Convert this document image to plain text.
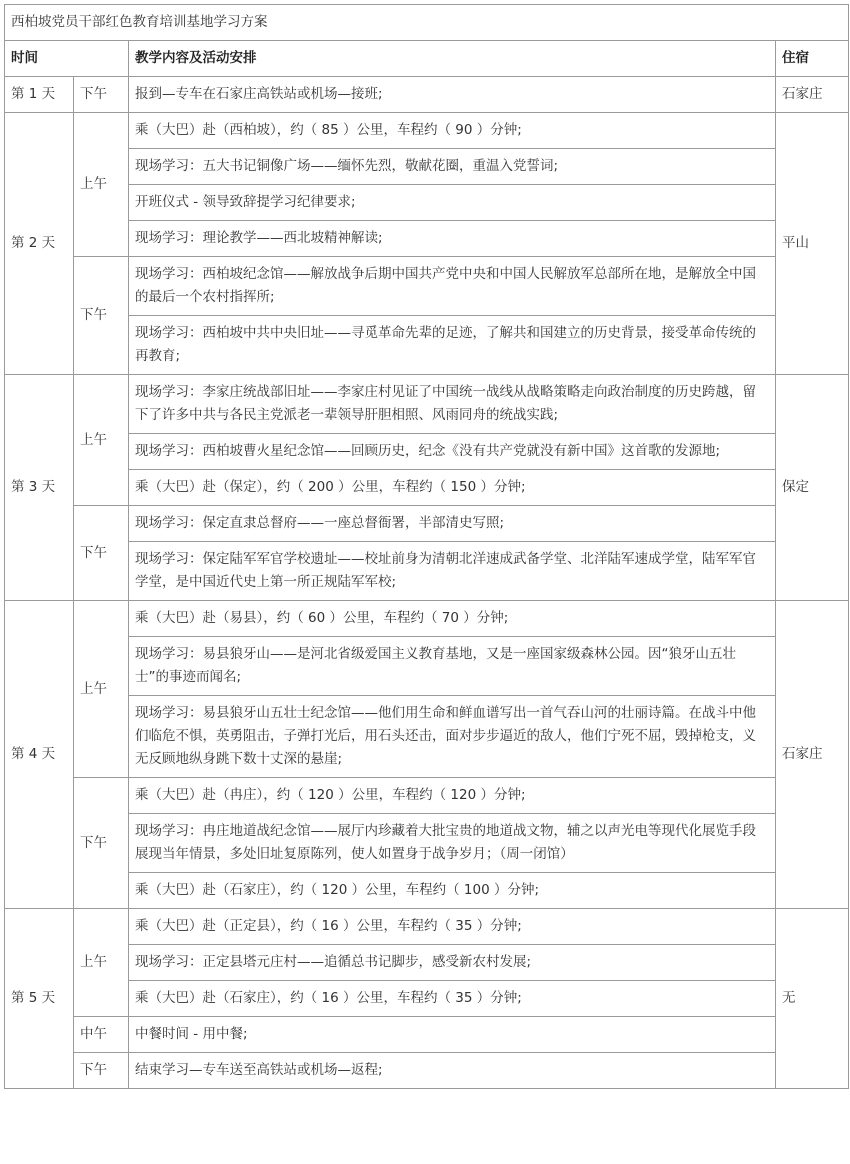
西柏坡党员干部红色教育培训基地学习方案			
时间		教学内容及活动安排	住宿
第 1 天	下午	报到—专车在石家庄高铁站或机场—接班;	石家庄
第 2 天	上午	乘（大巴）赴（西柏坡），约（ 85 ）公里，车程约（ 90 ）分钟;	平山
		现场学习：五大书记铜像广场——缅怀先烈，敬献花圈，重温入党誓词;	
		开班仪式 - 领导致辞提学习纪律要求;	
		现场学习：理论教学——西北坡精神解读;	
	下午	现场学习：西柏坡纪念馆——解放战争后期中国共产党中央和中国人民解放军总部所在地，是解放全中国的最后一个农村指挥所;	
		现场学习：西柏坡中共中央旧址——寻觅革命先辈的足迹，了解共和国建立的历史背景，接受革命传统的再教育;	
第 3 天	上午	现场学习：李家庄统战部旧址——李家庄村见证了中国统一战线从战略策略走向政治制度的历史跨越，留下了许多中共与各民主党派老一辈领导肝胆相照、风雨同舟的统战实践;	保定
		现场学习：西柏坡曹火星纪念馆——回顾历史，纪念《没有共产党就没有新中国》这首歌的发源地;	
		乘（大巴）赴（保定），约（ 200 ）公里，车程约（ 150 ）分钟;	
	下午	现场学习：保定直隶总督府——一座总督衙署，半部清史写照;	
		现场学习：保定陆军军官学校遗址——校址前身为清朝北洋速成武备学堂、北洋陆军速成学堂，陆军军官学堂，是中国近代史上第一所正规陆军军校;	
第 4 天	上午	乘（大巴）赴（易县），约（ 60 ）公里，车程约（ 70 ）分钟;	石家庄
		现场学习：易县狼牙山——是河北省级爱国主义教育基地，又是一座国家级森林公园。因“狼牙山五壮士”的事迹而闻名;	
		现场学习：易县狼牙山五壮士纪念馆——他们用生命和鲜血谱写出一首气吞山河的壮丽诗篇。在战斗中他们临危不惧，英勇阻击，子弹打光后，用石头还击，面对步步逼近的敌人，他们宁死不屈，毁掉枪支，义无反顾地纵身跳下数十丈深的悬崖;	
	下午	乘（大巴）赴（冉庄），约（ 120 ）公里，车程约（ 120 ）分钟;	
		现场学习：冉庄地道战纪念馆——展厅内珍藏着大批宝贵的地道战文物，辅之以声光电等现代化展览手段展现当年情景，多处旧址复原陈列，使人如置身于战争岁月；（周一闭馆）	
		乘（大巴）赴（石家庄），约（ 120 ）公里，车程约（ 100 ）分钟;	
第 5 天	上午	乘（大巴）赴（正定县），约（ 16 ）公里，车程约（ 35 ）分钟;	无
		现场学习：正定县塔元庄村——追循总书记脚步，感受新农村发展;	
		乘（大巴）赴（石家庄），约（ 16 ）公里，车程约（ 35 ）分钟;	
	中午	中餐时间 - 用中餐;	
	下午	结束学习—专车送至高铁站或机场—返程;	
